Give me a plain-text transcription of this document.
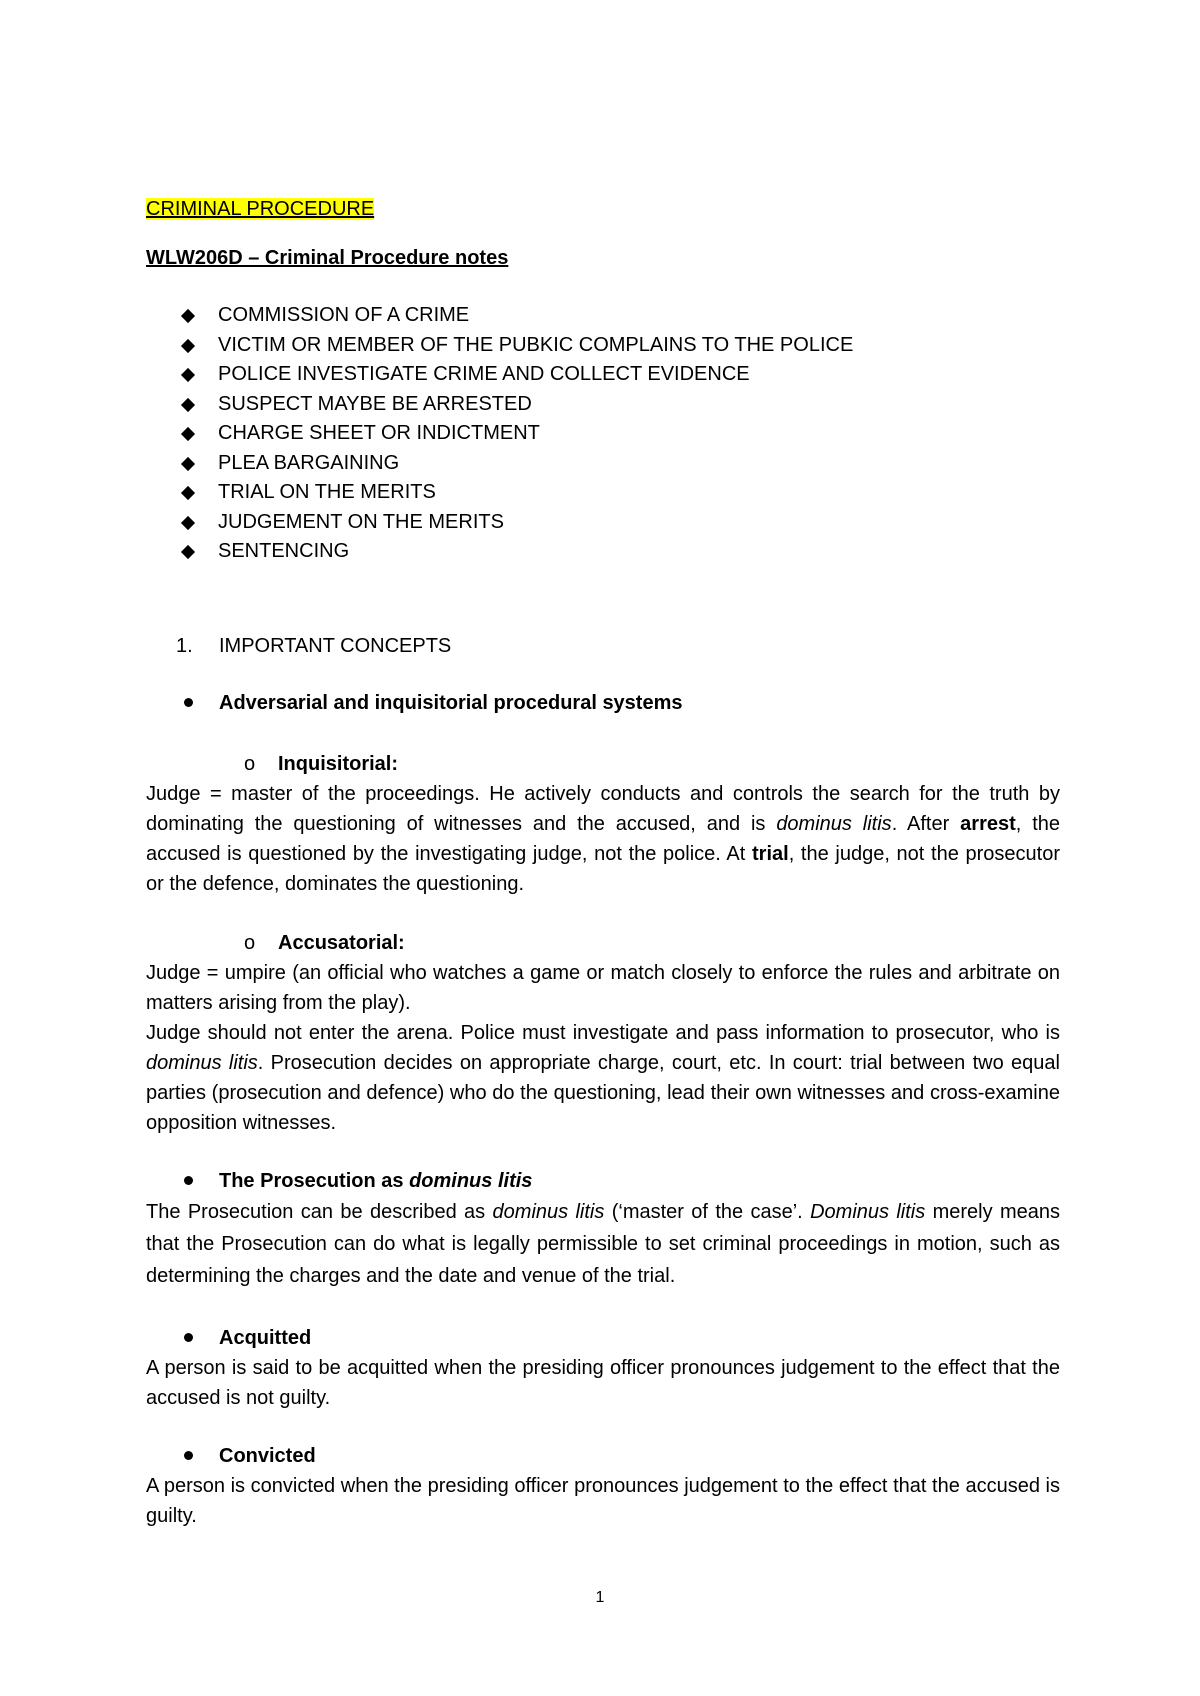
CRIMINAL PROCEDURE

WLW206D – Criminal Procedure notes

COMMISSION OF A CRIME
VICTIM OR MEMBER OF THE PUBKIC COMPLAINS TO THE POLICE
POLICE INVESTIGATE CRIME AND COLLECT EVIDENCE
SUSPECT MAYBE BE ARRESTED
CHARGE SHEET OR INDICTMENT
PLEA BARGAINING
TRIAL ON THE MERITS
JUDGEMENT ON THE MERITS
SENTENCING

1. IMPORTANT CONCEPTS

Adversarial and inquisitorial procedural systems

o Inquisitorial:

Judge = master of the proceedings. He actively conducts and controls the search for the truth by dominating the questioning of witnesses and the accused, and is dominus litis. After arrest, the accused is questioned by the investigating judge, not the police. At trial, the judge, not the prosecutor or the defence, dominates the questioning.

o Accusatorial:

Judge = umpire (an official who watches a game or match closely to enforce the rules and arbitrate on matters arising from the play).

Judge should not enter the arena. Police must investigate and pass information to prosecutor, who is dominus litis. Prosecution decides on appropriate charge, court, etc. In court: trial between two equal parties (prosecution and defence) who do the questioning, lead their own witnesses and cross-examine opposition witnesses.

The Prosecution as dominus litis

The Prosecution can be described as dominus litis (‘master of the case’. Dominus litis merely means that the Prosecution can do what is legally permissible to set criminal proceedings in motion, such as determining the charges and the date and venue of the trial.

Acquitted

A person is said to be acquitted when the presiding officer pronounces judgement to the effect that the accused is not guilty.

Convicted

A person is convicted when the presiding officer pronounces judgement to the effect that the accused is guilty.

1
